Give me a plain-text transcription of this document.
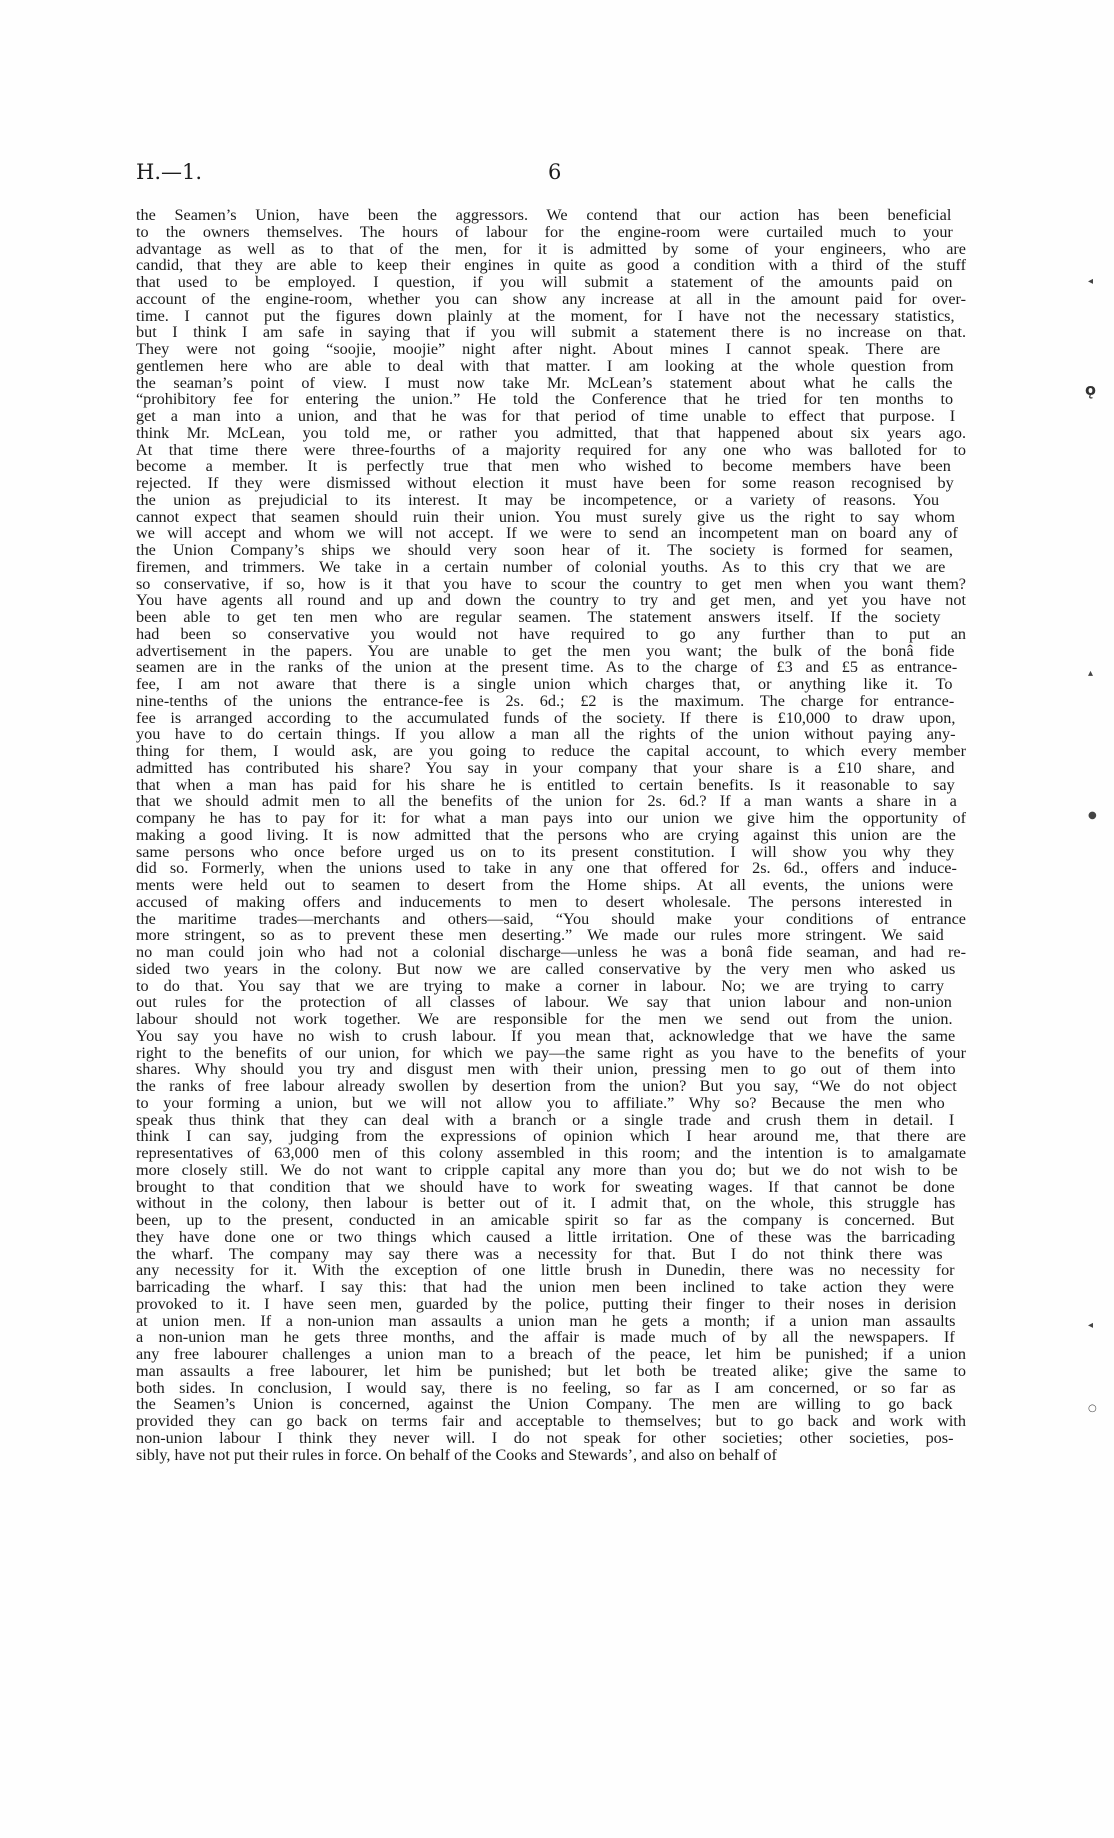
H.—1.	6
the Seamen’s Union, have been the aggressors. We contend that our action has been beneficial
to the owners themselves. The hours of labour for the engine-room were curtailed much to your
advantage as well as to that of the men, for it is admitted by some of your engineers, who are
candid, that they are able to keep their engines in quite as good a condition with a third of the stuff
that used to be employed. I question, if you will submit a statement of the amounts paid on
account of the engine-room, whether you can show any increase at all in the amount paid for over-
time. I cannot put the figures down plainly at the moment, for I have not the necessary statistics,
but I think I am safe in saying that if you will submit a statement there is no increase on that.
They were not going “soojie, moojie” night after night. About mines I cannot speak. There are
gentlemen here who are able to deal with that matter. I am looking at the whole question from
the seaman’s point of view. I must now take Mr. McLean’s statement about what he calls the
“prohibitory fee for entering the union.” He told the Conference that he tried for ten months to
get a man into a union, and that he was for that period of time unable to effect that purpose. I
think Mr. McLean, you told me, or rather you admitted, that that happened about six years ago.
At that time there were three-fourths of a majority required for any one who was balloted for to
become a member. It is perfectly true that men who wished to become members have been
rejected. If they were dismissed without election it must have been for some reason recognised by
the union as prejudicial to its interest. It may be incompetence, or a variety of reasons. You
cannot expect that seamen should ruin their union. You must surely give us the right to say whom
we will accept and whom we will not accept. If we were to send an incompetent man on board any of
the Union Company’s ships we should very soon hear of it. The society is formed for seamen,
firemen, and trimmers. We take in a certain number of colonial youths. As to this cry that we are
so conservative, if so, how is it that you have to scour the country to get men when you want them?
You have agents all round and up and down the country to try and get men, and yet you have not
been able to get ten men who are regular seamen. The statement answers itself. If the society
had been so conservative you would not have required to go any further than to put an
advertisement in the papers. You are unable to get the men you want; the bulk of the bonâ fide
seamen are in the ranks of the union at the present time. As to the charge of £3 and £5 as entrance-
fee, I am not aware that there is a single union which charges that, or anything like it. To
nine-tenths of the unions the entrance-fee is 2s. 6d.; £2 is the maximum. The charge for entrance-
fee is arranged according to the accumulated funds of the society. If there is £10,000 to draw upon,
you have to do certain things. If you allow a man all the rights of the union without paying any-
thing for them, I would ask, are you going to reduce the capital account, to which every member
admitted has contributed his share? You say in your company that your share is a £10 share, and
that when a man has paid for his share he is entitled to certain benefits. Is it reasonable to say
that we should admit men to all the benefits of the union for 2s. 6d.? If a man wants a share in a
company he has to pay for it: for what a man pays into our union we give him the opportunity of
making a good living. It is now admitted that the persons who are crying against this union are the
same persons who once before urged us on to its present constitution. I will show you why they
did so. Formerly, when the unions used to take in any one that offered for 2s. 6d., offers and induce-
ments were held out to seamen to desert from the Home ships. At all events, the unions were
accused of making offers and inducements to men to desert wholesale. The persons interested in
the maritime trades—merchants and others—said, “You should make your conditions of entrance
more stringent, so as to prevent these men deserting.” We made our rules more stringent. We said
no man could join who had not a colonial discharge—unless he was a bonâ fide seaman, and had re-
sided two years in the colony. But now we are called conservative by the very men who asked us
to do that. You say that we are trying to make a corner in labour. No; we are trying to carry
out rules for the protection of all classes of labour. We say that union labour and non-union
labour should not work together. We are responsible for the men we send out from the union.
You say you have no wish to crush labour. If you mean that, acknowledge that we have the same
right to the benefits of our union, for which we pay—the same right as you have to the benefits of your
shares. Why should you try and disgust men with their union, pressing men to go out of them into
the ranks of free labour already swollen by desertion from the union? But you say, “We do not object
to your forming a union, but we will not allow you to affiliate.” Why so? Because the men who
speak thus think that they can deal with a branch or a single trade and crush them in detail. I
think I can say, judging from the expressions of opinion which I hear around me, that there are
representatives of 63,000 men of this colony assembled in this room; and the intention is to amalgamate
more closely still. We do not want to cripple capital any more than you do; but we do not wish to be
brought to that condition that we should have to work for sweating wages. If that cannot be done
without in the colony, then labour is better out of it. I admit that, on the whole, this struggle has
been, up to the present, conducted in an amicable spirit so far as the company is concerned. But
they have done one or two things which caused a little irritation. One of these was the barricading
the wharf. The company may say there was a necessity for that. But I do not think there was
any necessity for it. With the exception of one little brush in Dunedin, there was no necessity for
barricading the wharf. I say this: that had the union men been inclined to take action they were
provoked to it. I have seen men, guarded by the police, putting their finger to their noses in derision
at union men. If a non-union man assaults a union man he gets a month; if a union man assaults
a non-union man he gets three months, and the affair is made much of by all the newspapers. If
any free labourer challenges a union man to a breach of the peace, let him be punished; if a union
man assaults a free labourer, let him be punished; but let both be treated alike; give the same to
both sides. In conclusion, I would say, there is no feeling, so far as I am concerned, or so far as
the Seamen’s Union is concerned, against the Union Company. The men are willing to go back
provided they can go back on terms fair and acceptable to themselves; but to go back and work with
non-union labour I think they never will. I do not speak for other societies; other societies, pos-
sibly, have not put their rules in force. On behalf of the Cooks and Stewards’, and also on behalf of
◂
ǫ
▴
●
◂
○
